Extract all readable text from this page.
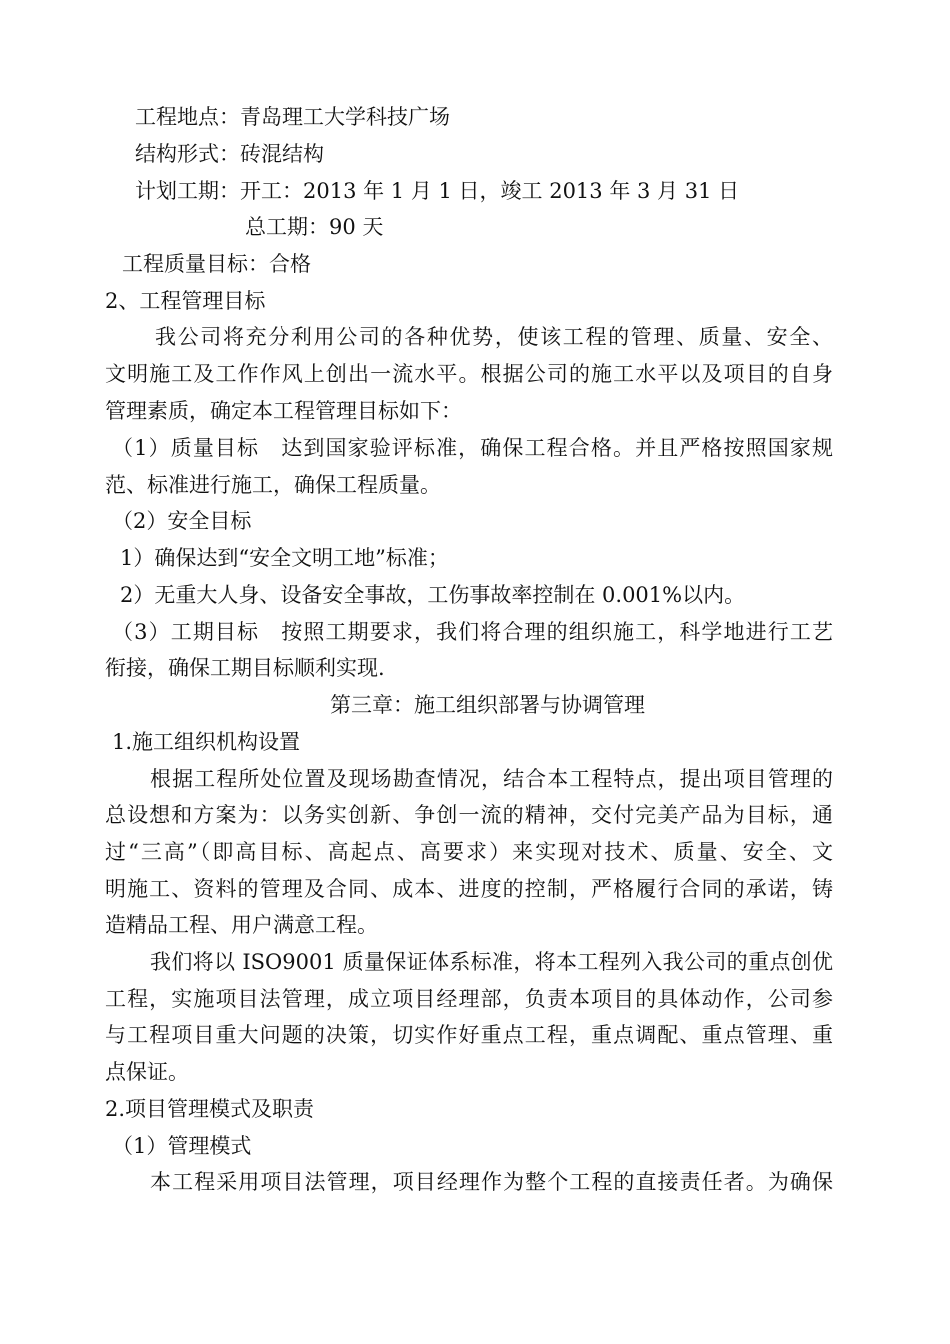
工程地点：青岛理工大学科技广场
结构形式：砖混结构
计划工期：开工：2013 年 1 月 1 日，竣工 2013 年 3 月 31 日
总工期：90 天
工程质量目标：合格
2、工程管理目标
我公司将充分利用公司的各种优势，使该工程的管理、质量、安全、
文明施工及工作作风上创出一流水平。根据公司的施工水平以及项目的自身
管理素质，确定本工程管理目标如下：
（1）质量目标　达到国家验评标准，确保工程合格。并且严格按照国家规
范、标准进行施工，确保工程质量。
（2）安全目标
1）确保达到“安全文明工地”标准；
2）无重大人身、设备安全事故，工伤事故率控制在 0.001%以内。
（3）工期目标　按照工期要求，我们将合理的组织施工，科学地进行工艺
衔接，确保工期目标顺利实现.
第三章：施工组织部署与协调管理
1.施工组织机构设置
根据工程所处位置及现场勘查情况，结合本工程特点，提出项目管理的
总设想和方案为：以务实创新、争创一流的精神，交付完美产品为目标，通
过“三高”（即高目标、高起点、高要求）来实现对技术、质量、安全、文
明施工、资料的管理及合同、成本、进度的控制，严格履行合同的承诺，铸
造精品工程、用户满意工程。
我们将以 ISO9001 质量保证体系标准，将本工程列入我公司的重点创优
工程，实施项目法管理，成立项目经理部，负责本项目的具体动作，公司参
与工程项目重大问题的决策，切实作好重点工程，重点调配、重点管理、重
点保证。
2.项目管理模式及职责
（1）管理模式
本工程采用项目法管理，项目经理作为整个工程的直接责任者。为确保
